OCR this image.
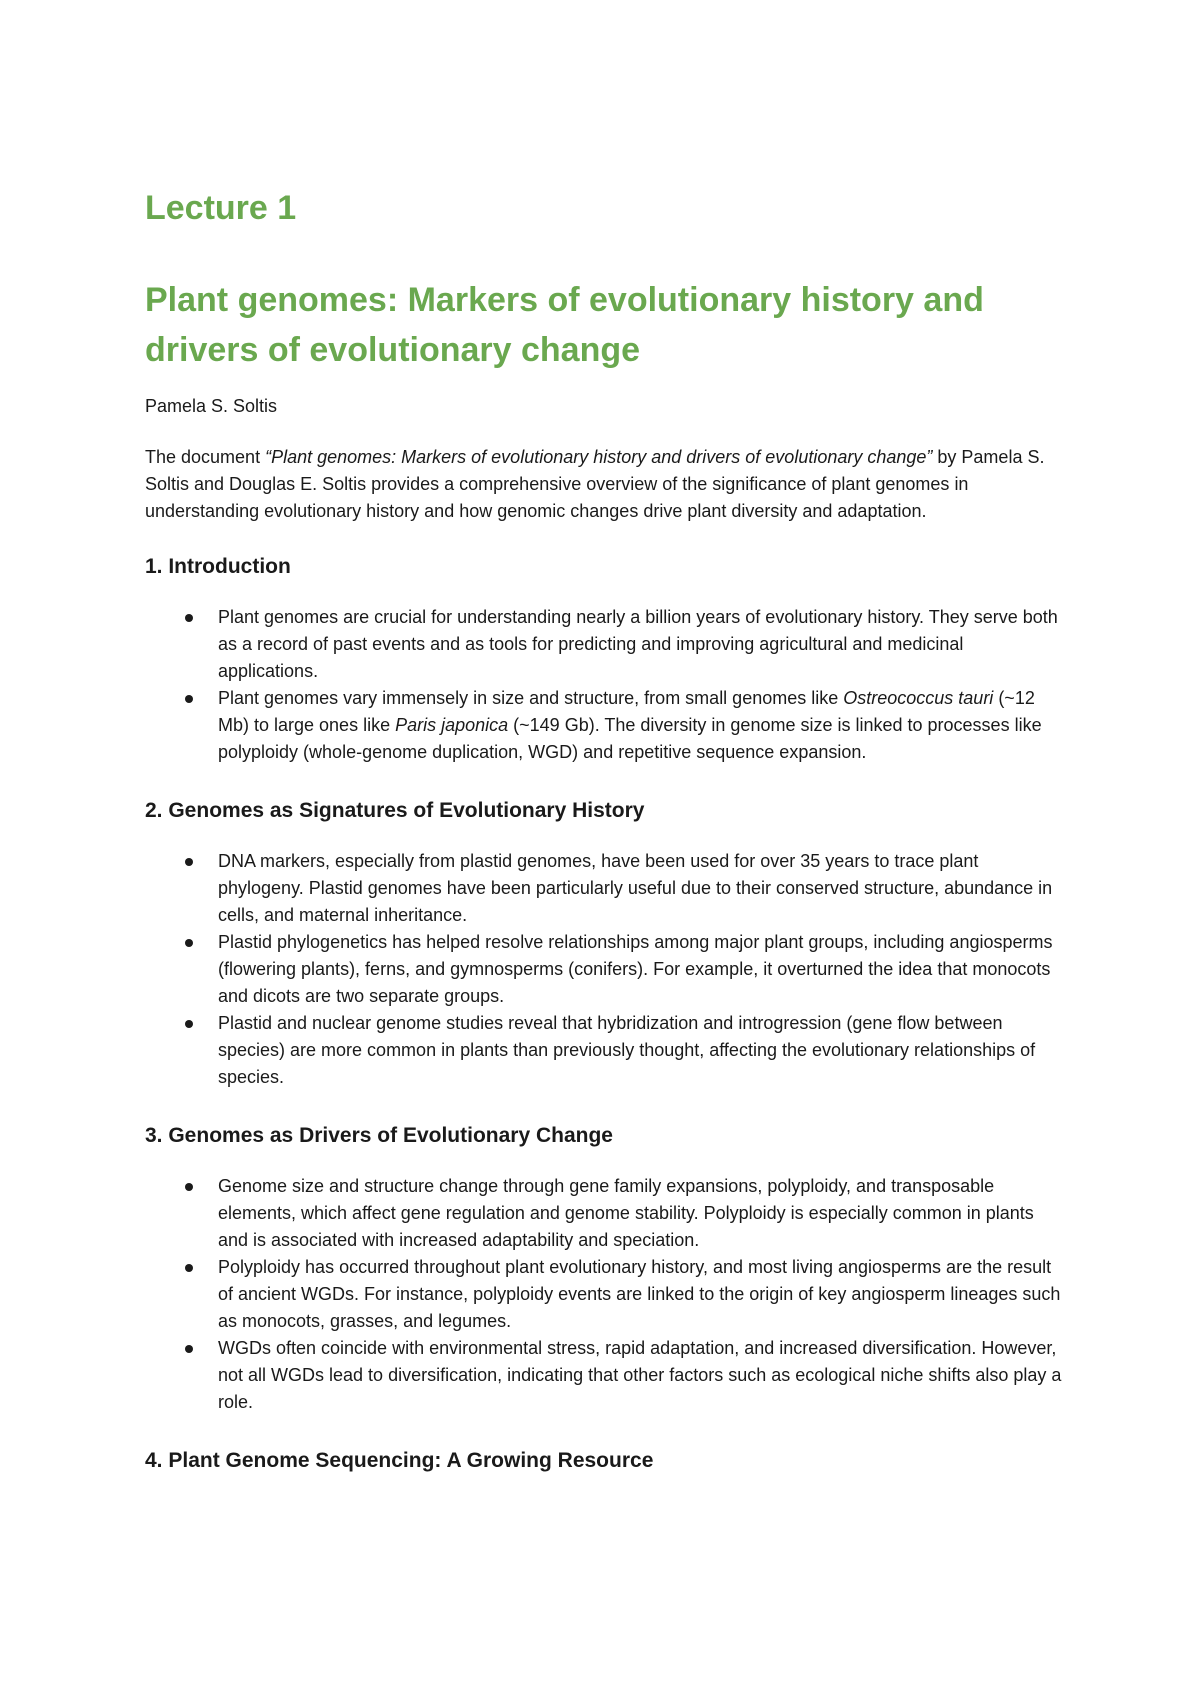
Lecture 1
Plant genomes: Markers of evolutionary history and drivers of evolutionary change

Pamela S. Soltis

The document “Plant genomes: Markers of evolutionary history and drivers of evolutionary change” by Pamela S. Soltis and Douglas E. Soltis provides a comprehensive overview of the significance of plant genomes in understanding evolutionary history and how genomic changes drive plant diversity and adaptation.

1. Introduction
Plant genomes are crucial for understanding nearly a billion years of evolutionary history. They serve both as a record of past events and as tools for predicting and improving agricultural and medicinal applications.
Plant genomes vary immensely in size and structure, from small genomes like Ostreococcus tauri (~12 Mb) to large ones like Paris japonica (~149 Gb). The diversity in genome size is linked to processes like polyploidy (whole-genome duplication, WGD) and repetitive sequence expansion.
2. Genomes as Signatures of Evolutionary History
DNA markers, especially from plastid genomes, have been used for over 35 years to trace plant phylogeny. Plastid genomes have been particularly useful due to their conserved structure, abundance in cells, and maternal inheritance.
Plastid phylogenetics has helped resolve relationships among major plant groups, including angiosperms (flowering plants), ferns, and gymnosperms (conifers). For example, it overturned the idea that monocots and dicots are two separate groups.
Plastid and nuclear genome studies reveal that hybridization and introgression (gene flow between species) are more common in plants than previously thought, affecting the evolutionary relationships of species.
3. Genomes as Drivers of Evolutionary Change
Genome size and structure change through gene family expansions, polyploidy, and transposable elements, which affect gene regulation and genome stability. Polyploidy is especially common in plants and is associated with increased adaptability and speciation.
Polyploidy has occurred throughout plant evolutionary history, and most living angiosperms are the result of ancient WGDs. For instance, polyploidy events are linked to the origin of key angiosperm lineages such as monocots, grasses, and legumes.
WGDs often coincide with environmental stress, rapid adaptation, and increased diversification. However, not all WGDs lead to diversification, indicating that other factors such as ecological niche shifts also play a role.
4. Plant Genome Sequencing: A Growing Resource
